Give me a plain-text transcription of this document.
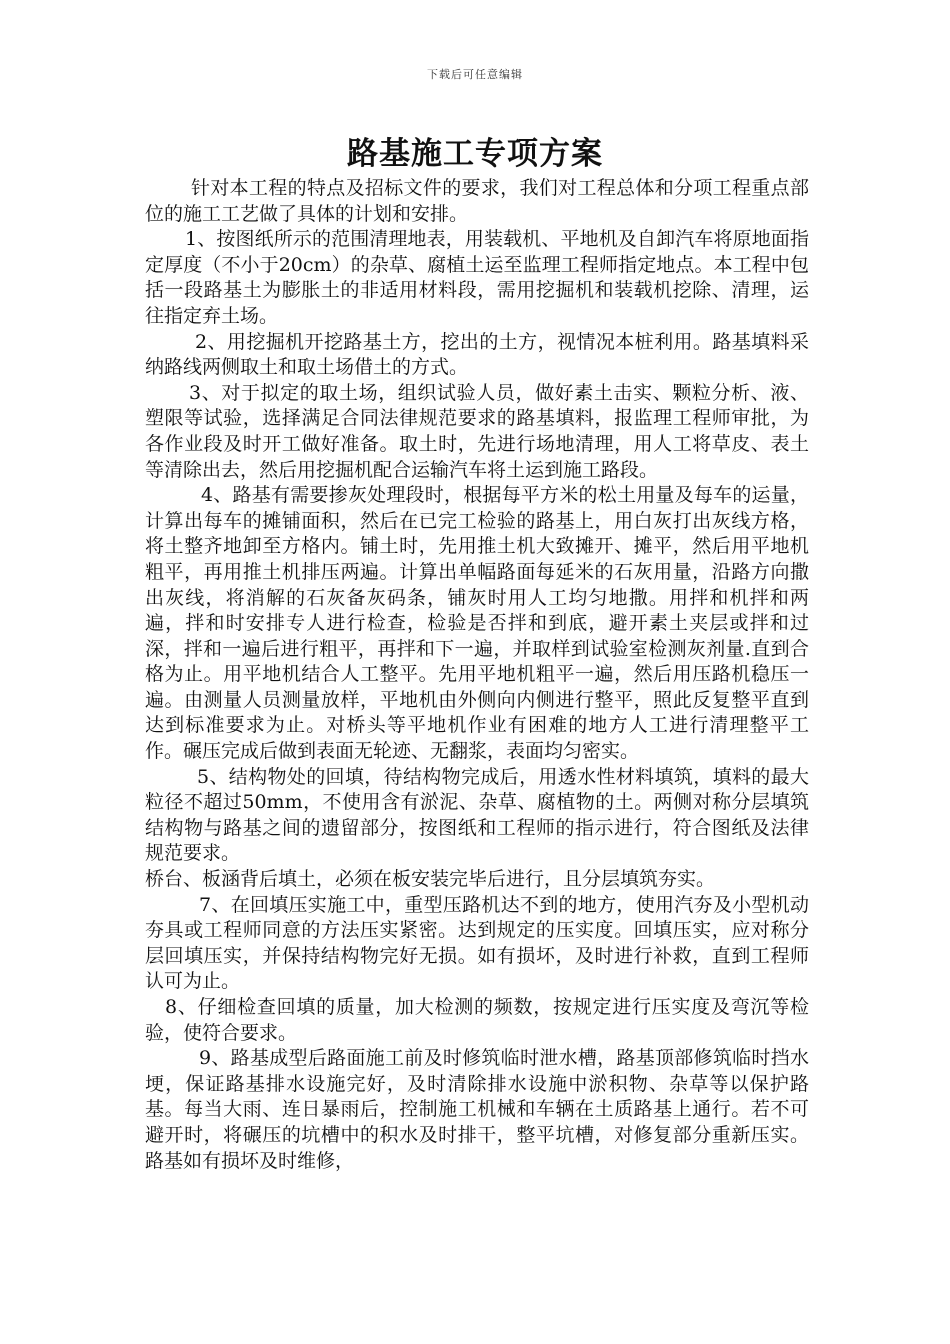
下载后可任意编辑
路基施工专项方案

针对本工程的特点及招标文件的要求，我们对工程总体和分项工程重点部位的施工工艺做了具体的计划和安排。

1、按图纸所示的范围清理地表，用装载机、平地机及自卸汽车将原地面指定厚度（不小于20cm）的杂草、腐植土运至监理工程师指定地点。本工程中包括一段路基土为膨胀土的非适用材料段，需用挖掘机和装载机挖除、清理，运往指定弃土场。

2、用挖掘机开挖路基土方，挖出的土方，视情况本桩利用。路基填料采纳路线两侧取土和取土场借土的方式。

3、对于拟定的取土场，组织试验人员，做好素土击实、颗粒分析、液、塑限等试验，选择满足合同法律规范要求的路基填料，报监理工程师审批，为各作业段及时开工做好准备。取土时，先进行场地清理，用人工将草皮、表土等清除出去，然后用挖掘机配合运输汽车将土运到施工路段。

4、路基有需要掺灰处理段时，根据每平方米的松土用量及每车的运量，计算出每车的摊铺面积，然后在已完工检验的路基上，用白灰打出灰线方格，将土整齐地卸至方格内。铺土时，先用推土机大致摊开、摊平，然后用平地机粗平，再用推土机排压两遍。计算出单幅路面每延米的石灰用量，沿路方向撒出灰线，将消解的石灰备灰码条，铺灰时用人工均匀地撒。用拌和机拌和两遍，拌和时安排专人进行检查，检验是否拌和到底，避开素土夹层或拌和过深，拌和一遍后进行粗平，再拌和下一遍，并取样到试验室检测灰剂量.直到合格为止。用平地机结合人工整平。先用平地机粗平一遍，然后用压路机稳压一遍。由测量人员测量放样，平地机由外侧向内侧进行整平，照此反复整平直到达到标准要求为止。对桥头等平地机作业有困难的地方人工进行清理整平工作。碾压完成后做到表面无轮迹、无翻浆，表面均匀密实。

5、结构物处的回填，待结构物完成后，用透水性材料填筑，填料的最大粒径不超过50mm，不使用含有淤泥、杂草、腐植物的土。两侧对称分层填筑结构物与路基之间的遗留部分，按图纸和工程师的指示进行，符合图纸及法律规范要求。

桥台、板涵背后填土，必须在板安装完毕后进行，且分层填筑夯实。

7、在回填压实施工中，重型压路机达不到的地方，使用汽夯及小型机动夯具或工程师同意的方法压实紧密。达到规定的压实度。回填压实，应对称分层回填压实，并保持结构物完好无损。如有损坏，及时进行补救，直到工程师认可为止。

8、仔细检查回填的质量，加大检测的频数，按规定进行压实度及弯沉等检验，使符合要求。

9、路基成型后路面施工前及时修筑临时泄水槽，路基顶部修筑临时挡水埂，保证路基排水设施完好，及时清除排水设施中淤积物、杂草等以保护路基。每当大雨、连日暴雨后，控制施工机械和车辆在土质路基上通行。若不可避开时，将碾压的坑槽中的积水及时排干，整平坑槽，对修复部分重新压实。路基如有损坏及时维修，
